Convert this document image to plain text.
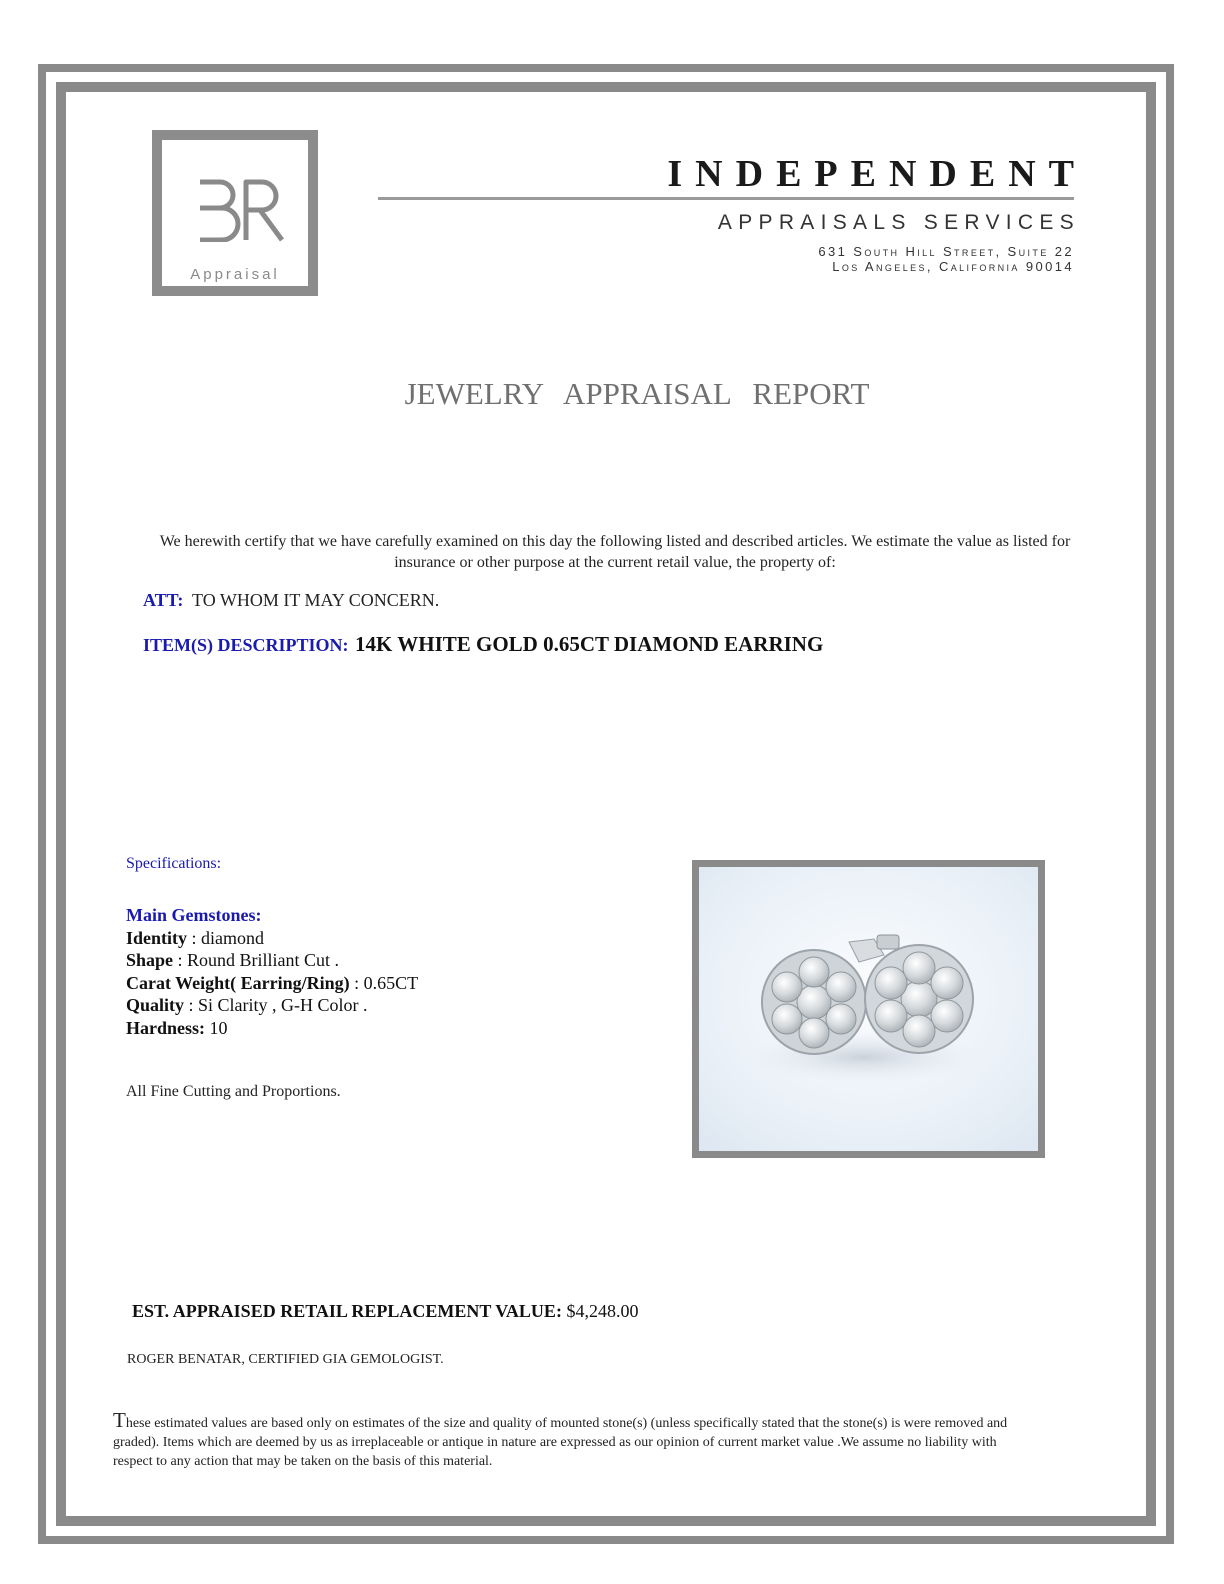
Appraisal
INDEPENDENT
APPRAISALS SERVICES
631 South Hill Street, Suite 22
Los Angeles, California 90014
JEWELRY APPRAISAL REPORT
We herewith certify that we have carefully examined on this day the following listed and described articles. We estimate the value as listed for insurance or other purpose at the current retail value, the property of:
ATT: TO WHOM IT MAY CONCERN.
ITEM(S) DESCRIPTION: 14K WHITE GOLD 0.65CT DIAMOND EARRING
Specifications:
Main Gemstones:
Identity : diamond
Shape : Round Brilliant Cut .
Carat Weight( Earring/Ring) : 0.65CT
Quality : Si Clarity , G-H Color .
Hardness: 10
All Fine Cutting and Proportions.
EST. APPRAISED RETAIL REPLACEMENT VALUE: $4,248.00
ROGER BENATAR, CERTIFIED GIA GEMOLOGIST.
These estimated values are based only on estimates of the size and quality of mounted stone(s) (unless specifically stated that the stone(s) is were removed and graded). Items which are deemed by us as irreplaceable or antique in nature are expressed as our opinion of current market value .We assume no liability with respect to any action that may be taken on the basis of this material.
